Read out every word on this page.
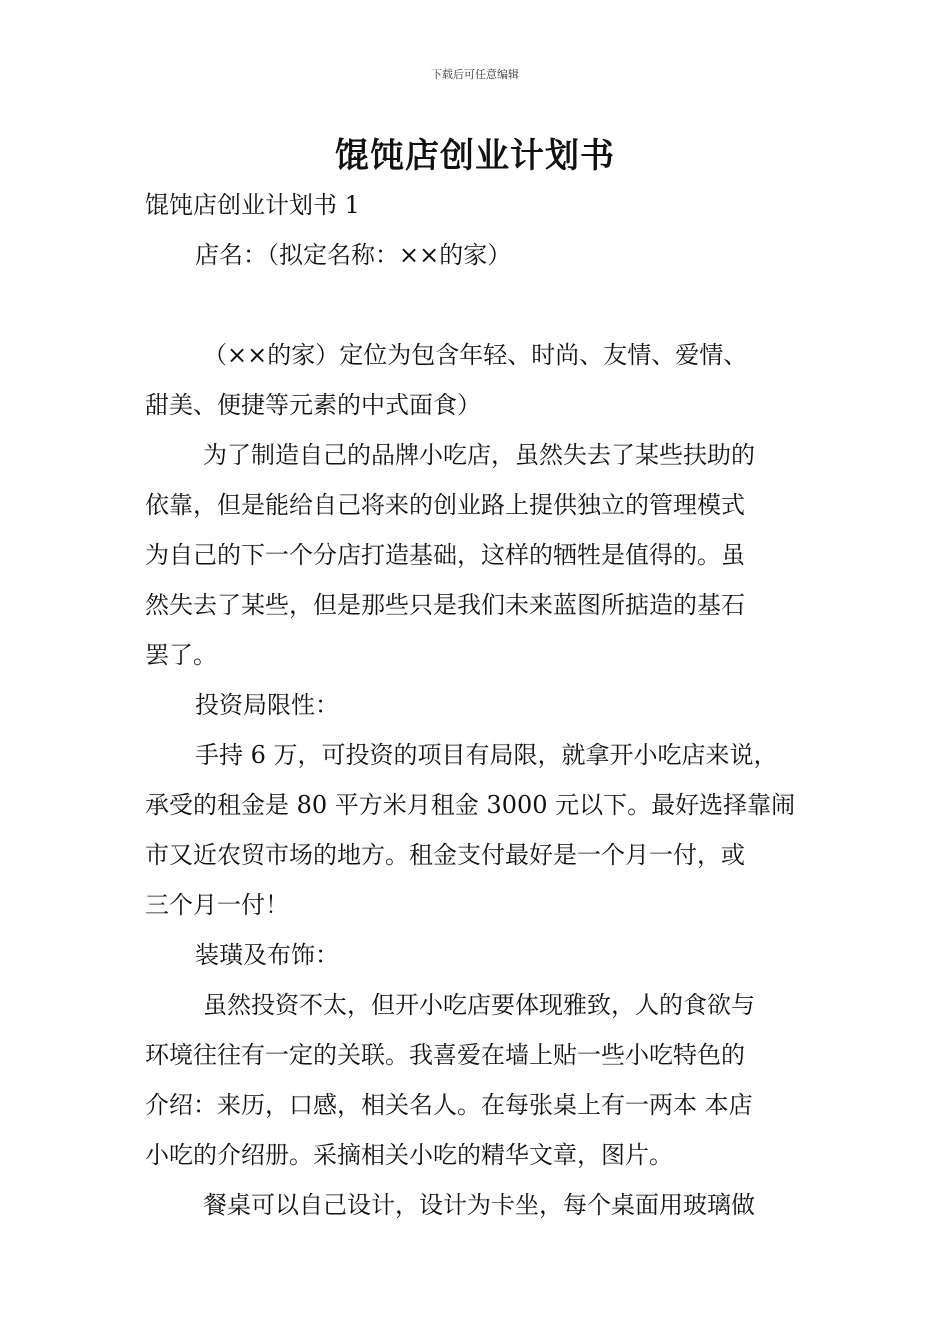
下载后可任意编辑
馄饨店创业计划书
馄饨店创业计划书 1
店名：（拟定名称：××的家）
（××的家）定位为包含年轻、时尚、友情、爱情、
甜美、便捷等元素的中式面食）
为了制造自己的品牌小吃店，虽然失去了某些扶助的
依靠，但是能给自己将来的创业路上提供独立的管理模式
为自己的下一个分店打造基础，这样的牺牲是值得的。虽
然失去了某些，但是那些只是我们未来蓝图所掂造的基石
罢了。
投资局限性：
手持 6 万，可投资的项目有局限，就拿开小吃店来说，
承受的租金是 80 平方米月租金 3000 元以下。最好选择靠闹
市又近农贸市场的地方。租金支付最好是一个月一付，或
三个月一付！
装璜及布饰：
虽然投资不太，但开小吃店要体现雅致，人的食欲与
环境往往有一定的关联。我喜爱在墙上贴一些小吃特色的
介绍：来历，口感，相关名人。在每张桌上有一两本 本店
小吃的介绍册。采摘相关小吃的精华文章，图片。
餐桌可以自己设计，设计为卡坐，每个桌面用玻璃做
